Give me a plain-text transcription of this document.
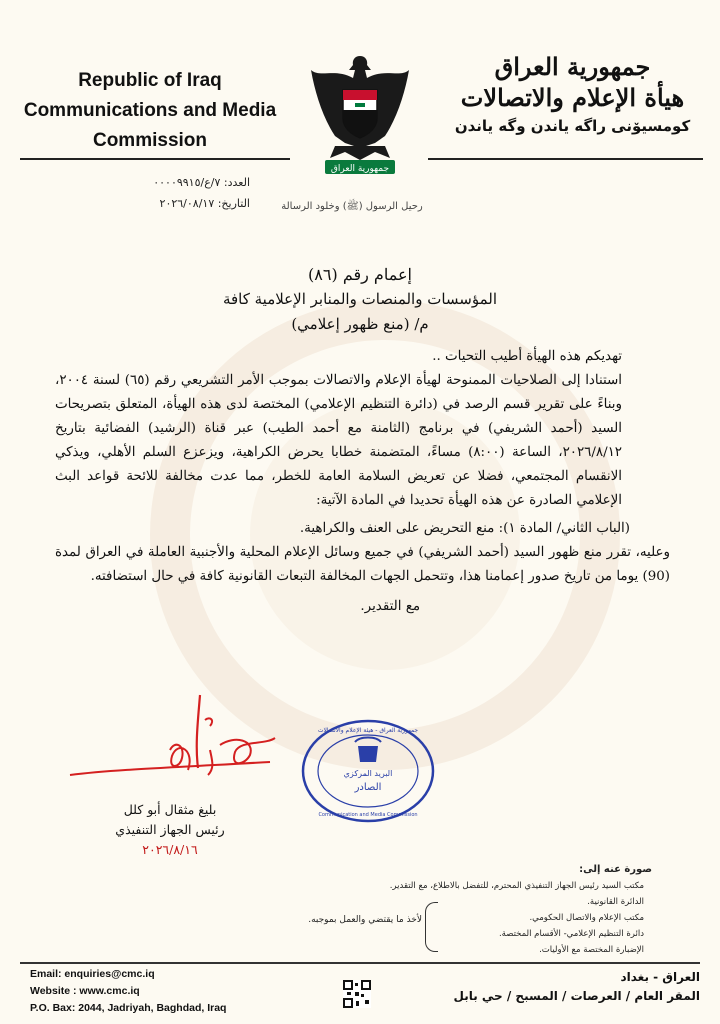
Republic of Iraq
Communications and Media
Commission
جمهورية العراق
جمهورية العراق
هيأة الإعلام والاتصالات
كومسيۆنی راگه یاندن وگه یاندن
العدد: ٧/ع/٠٠٠٠٩٩١٥
التاريخ: ٢٠٢٦/٠٨/١٧	رحيل الرسول (ﷺ) وخلود الرسالة
إعمام رقم (٨٦)
المؤسسات والمنصات والمنابر الإعلامية كافة
م/ (منع ظهور إعلامي)

تهديكم هذه الهيأة أطيب التحيات ..

استنادا إلى الصلاحيات الممنوحة لهيأة الإعلام والاتصالات بموجب الأمر التشريعي رقم (٦٥) لسنة ٢٠٠٤، وبناءً على تقرير قسم الرصد في (دائرة التنظيم الإعلامي) المختصة لدى هذه الهيأة، المتعلق بتصريحات السيد (أحمد الشريفي) في برنامج (الثامنة مع أحمد الطيب) عبر قناة (الرشيد) الفضائية بتاريخ ٢٠٢٦/٨/١٢، الساعة (٨:٠٠) مساءً، المتضمنة خطابا يحرض الكراهية، ويزعزع السلم الأهلي، ويذكي الانقسام المجتمعي، فضلا عن تعريض السلامة العامة للخطر، مما عدت مخالفة للائحة قواعد البث الإعلامي الصادرة عن هذه الهيأة تحديدا في المادة الآتية:

(الباب الثاني/ المادة ١): منع التحريض على العنف والكراهية.

وعليه، تقرر منع ظهور السيد (أحمد الشريفي) في جميع وسائل الإعلام المحلية والأجنبية العاملة في العراق لمدة (90) يوما من تاريخ صدور إعمامنا هذا، وتتحمل الجهات المخالفة التبعات القانونية كافة في حال استضافته.

مع التقدير.

بليغ مثقال أبو كلل
رئيس الجهاز التنفيذي
٢٠٢٦/٨/١٦
جمهورية العراق - هيئة الإعلام والاتصالات
البريد المركزي
الصادر
Communication and Media Commission
صورة عنه إلى:
مكتب السيد رئيس الجهاز التنفيذي المحترم، للتفضل بالاطلاع، مع التقدير.
الدائرة القانونية.
مكتب الإعلام والاتصال الحكومي.
دائرة التنظيم الإعلامي- الأقسام المختصة.
الإضبارة المختصة مع الأوليات.
لأخذ ما يقتضي والعمل بموجبه.
Email: enquiries@cmc.iq
Website : www.cmc.iq
P.O. Bax: 2044, Jadriyah, Baghdad, Iraq
العراق - بغداد
المقر العام / العرصات / المسبح / حي بابل
